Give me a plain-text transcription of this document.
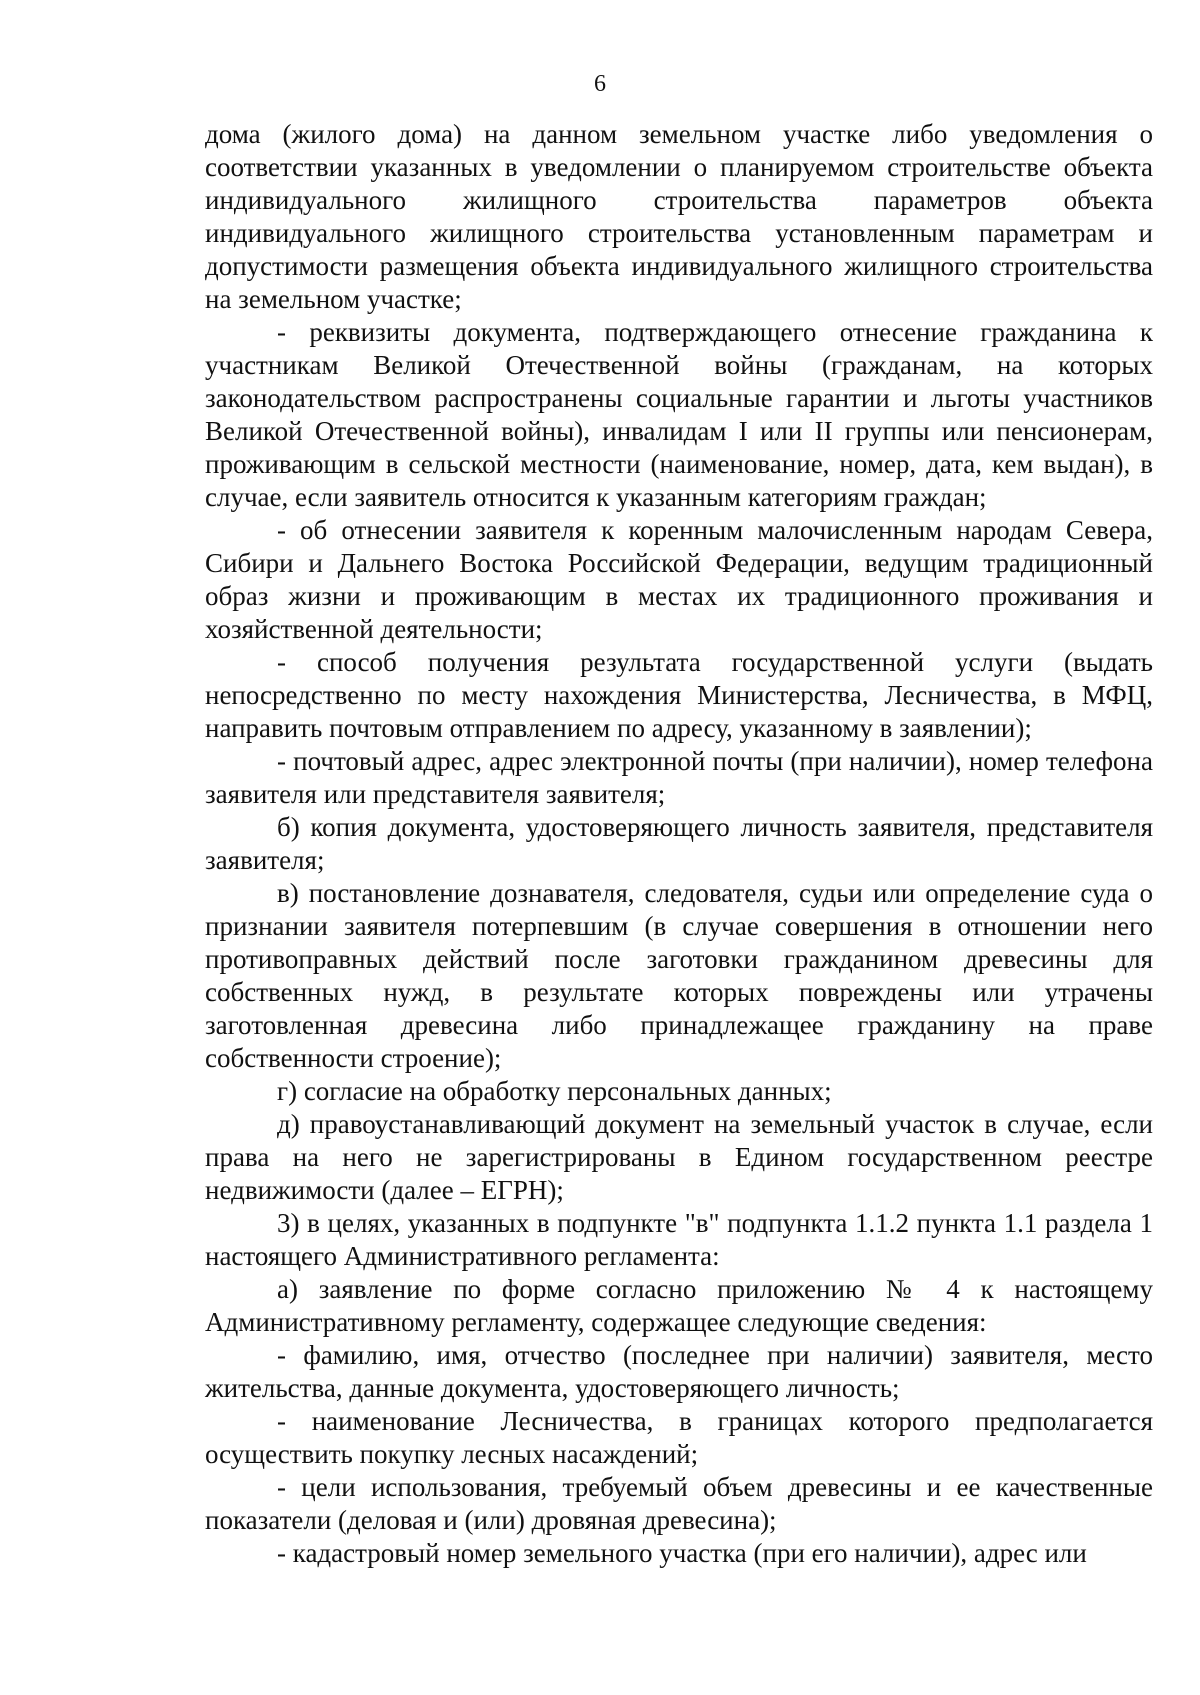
6

дома (жилого дома) на данном земельном участке либо уведомления о соответствии указанных в уведомлении о планируемом строительстве объекта индивидуального жилищного строительства параметров объекта индивидуального жилищного строительства установленным параметрам и допустимости размещения объекта индивидуального жилищного строительства на земельном участке;

- реквизиты документа, подтверждающего отнесение гражданина к участникам Великой Отечественной войны (гражданам, на которых законодательством распространены социальные гарантии и льготы участников Великой Отечественной войны), инвалидам I или II группы или пенсионерам, проживающим в сельской местности (наименование, номер, дата, кем выдан), в случае, если заявитель относится к указанным категориям граждан;

- об отнесении заявителя к коренным малочисленным народам Севера, Сибири и Дальнего Востока Российской Федерации, ведущим традиционный образ жизни и проживающим в местах их традиционного проживания и хозяйственной деятельности;

- способ получения результата государственной услуги (выдать непосредственно по месту нахождения Министерства, Лесничества, в МФЦ, направить почтовым отправлением по адресу, указанному в заявлении);

- почтовый адрес, адрес электронной почты (при наличии), номер телефона заявителя или представителя заявителя;

б) копия документа, удостоверяющего личность заявителя, представителя заявителя;

в) постановление дознавателя, следователя, судьи или определение суда о признании заявителя потерпевшим (в случае совершения в отношении него противоправных действий после заготовки гражданином древесины для собственных нужд, в результате которых повреждены или утрачены заготовленная древесина либо принадлежащее гражданину на праве собственности строение);

г) согласие на обработку персональных данных;

д) правоустанавливающий документ на земельный участок в случае, если права на него не зарегистрированы в Едином государственном реестре недвижимости (далее – ЕГРН);

3) в целях, указанных в подпункте "в" подпункта 1.1.2 пункта 1.1 раздела 1 настоящего Административного регламента:

а) заявление по форме согласно приложению № 4 к настоящему Административному регламенту, содержащее следующие сведения:

- фамилию, имя, отчество (последнее при наличии) заявителя, место жительства, данные документа, удостоверяющего личность;

- наименование Лесничества, в границах которого предполагается осуществить покупку лесных насаждений;

- цели использования, требуемый объем древесины и ее качественные показатели (деловая и (или) дровяная древесина);

- кадастровый номер земельного участка (при его наличии), адрес или
